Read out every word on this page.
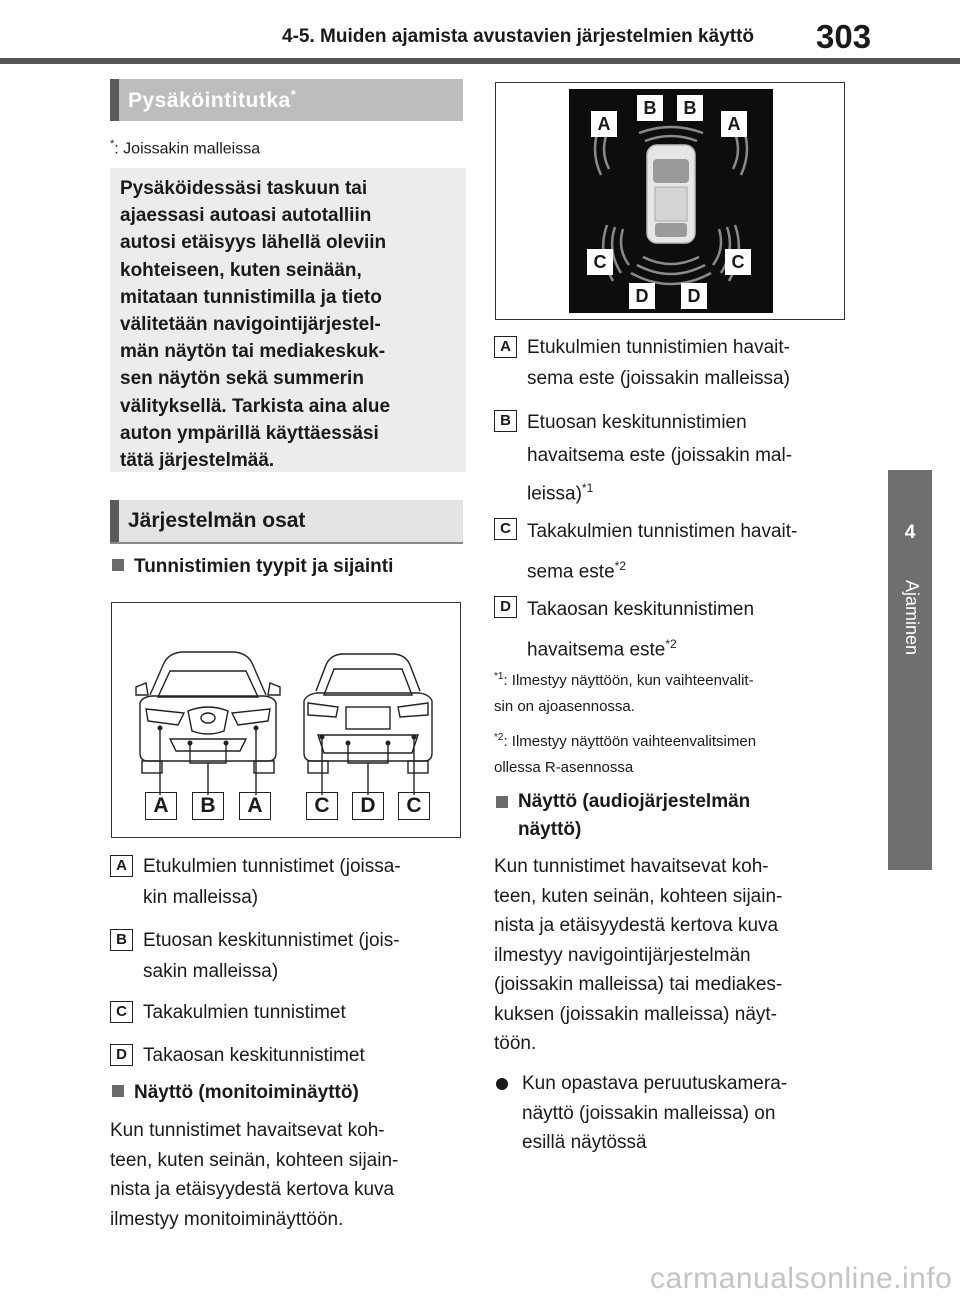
4-5. Muiden ajamista avustavien järjestelmien käyttö 303
4
Ajaminen
Pysäköintitutka*
*: Joissakin malleissa

Pysäköidessäsi taskuun tai
ajaessasi autoasi autotalliin
autosi etäisyys lähellä oleviin
kohteiseen, kuten seinään,
mitataan tunnistimilla ja tieto
välitetään navigointijärjestel-
män näytön tai mediakeskuk-
sen näytön sekä summerin
välityksellä. Tarkista aina alue
auton ympärillä käyttäessäsi
tätä järjestelmää.

Järjestelmän osat
Tunnistimien tyypit ja sijainti
A	B	A	C	D	C
A Etukulmien tunnistimet (joissa-
kin malleissa)
B Etuosan keskitunnistimet (jois-
sakin malleissa)
C Takakulmien tunnistimet
D Takaosan keskitunnistimet
Näyttö (monitoiminäyttö)
Kun tunnistimet havaitsevat koh-
teen, kuten seinän, kohteen sijain-
nista ja etäisyydestä kertova kuva
ilmestyy monitoiminäyttöön.
A
B	B
A
C	C
D	D
A Etukulmien tunnistimien havait-
sema este (joissakin malleissa)
B Etuosan keskitunnistimien
havaitsema este (joissakin mal-
leissa)$^{*1}$
C Takakulmien tunnistimen havait-
sema este$^{*2}$
D Takaosan keskitunnistimen
havaitsema este$^{*2}$
$^{*1}$: Ilmestyy näyttöön, kun vaihteenvalit-
sin on ajoasennossa.
$^{*2}$: Ilmestyy näyttöön vaihteenvalitsimen
ollessa R-asennossa
Näyttö (audiojärjestelmän
näyttö)
Kun tunnistimet havaitsevat koh-
teen, kuten seinän, kohteen sijain-
nista ja etäisyydestä kertova kuva
ilmestyy navigointijärjestelmän
(joissakin malleissa) tai mediakes-
kuksen (joissakin malleissa) näyt-
töön.
Kun opastava peruutuskamera-
näyttö (joissakin malleissa) on
esillä näytössä
carmanualsonline.info
